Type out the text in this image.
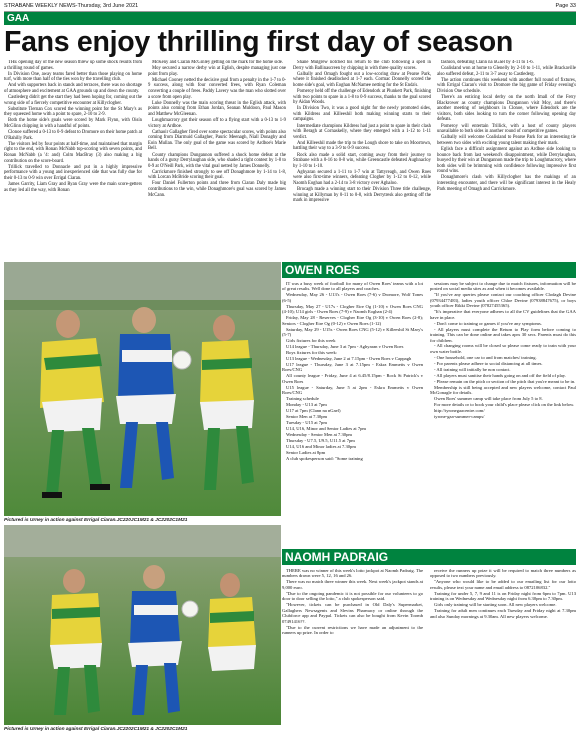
STRABANE WEEKLY NEWS-Thursday, 3rd June 2021	Page 33
GAA
Fans enjoy thrilling first day of season

THE opening day of the new season threw up some shock results from a thrilling round of games.

In Division One, away teams fared better than those playing on home turf, with more than half of the ties won by the travelling club.

And with supporters back in stands and terraces, there was no shortage of atmosphere and excitement at GAA grounds up and down the county.

Castlederg didn't get the start they had been hoping for, coming out the wrong side of a fiercely competitive encounter at Killyclogher.

Substitute Tiernan Cox scored the winning point for the St Mary's as they squeezed home with a point to spare, 2-10 to 2-9.

Both the home side's goals were scored by Mark Flynn, with Oisín McGlinn chipping in with a handful of points.

Clonoe suffered a 0-13 to 0-9 defeat to Dromore on their home patch at O'Rahilly Park.

The visitors led by four points at half-time, and maintained that margin right to the end, with Ronan McNabb top-scoring with seven points, and Ronan McNabb (a '4: and) Colm MacBray (3) also making a big contribution on the score-board.

Trillick travelled to Donnacle and put in a highly impressive performance with a young and inexperienced side that was fully due for their 0-13 to 0-9 win over Errigal Ciaran.

James Garrity, Liam Gray and Ryan Gray were the main score-getters as they led all the way, with Ronan

McKeny and Ciaran McGinley getting on the mark for the home side.

Moy secured a narrow derby win at Eglish, despite managing just one point from play.

Michael Cooney netted the decisive goal from a penalty in the 1-7 to 0-9 success, along with four converted frees, with Ryan Coleman converting a couple of frees. Paddy Lavery was the man who slotted over a score from open play.

Luke Donnelly was the main scoring threat in the Eglish attack, with points also coming from Ethan Jordan, Seanan Muldoon, Paul Mason and Matthew McGleenan.

Loughmacrory got their season off to a flying start with a 0-13 to 1-9 victory at Ardboe.

Cathaoir Gallagher fired over some spectacular scores, with points also coming from Diarmuid Gallagher, Pauric Meenagh, Niall Donaghy and Eoin Mullan. The only goal of the game was scored by Ardboe's Marie Bell.

County champions Dungannon suffered a shock home defeat at the hands of a gutsy Derrylaughan side, who shaded a tight contest by 1-8 to 0-9 at O'Neill Park, with the vital goal netted by James Donnelly.

Carrickmore finished strongly to see off Donaghmore by 1-14 to 1-8, with Lorcan McBride scoring their goal.

Four Daniel Fullerton points and three from Ciaran Daly made big contributions to the win, while Donaghmore's goal was scored by James McCann.

Shane Mulgrew notched his return to the club following a spell in Derry with Ballinascreen by chipping in with three quality scores.

Galbally and Omagh fought out a low-scoring draw at Pearse Park, where it finished deadlocked at 1-7 each. Cormac Donnelly scored the home side's goal, with Eoghan McNamee netting for the St Enda's.

Pomeroy held off the challenge of Edendork at Plunkett Park, finishing with two points to spare in a 1-8 to 0-9 success, thanks to the goal scored by Aidan Woods.

In Division Two, it was a good night for the newly promoted sides, with Kildress and Killeeshil both making winning starts to their campaigns.

Intermediate champions Kildress had just a point to spare in their clash with Beragh at Cornaskelly, where they emerged with a 1-12 to 1-11 verdict.

And Killeeshil made the trip to the Lough shore to take on Moortown, battling their way to a 3-9 to 0-9 success.

Rock also made a solid start, coming away from their journey to Strabane with a 0-16 to 0-8 win, while Greencastle defeated Aughnacloy by 1-10 to 1-10.

Aghyaran secured a 1-11 to 1-7 win at Tattyreagh, and Owen Roes were also first-time winners, defeating Clogher by 1-12 to 0-12, while Naomh Eoghan had a 2-14 to 3-8 victory over Aghaloo.

Brocagh made a winning start to their Division Three title challenge, winning at Killyman by 0-11 to 0-8, with Derrytresk also getting off the mark in impressive

fashion, defeating Clann na nGael by 4-11 to 1-6.

Coalisland won at home to Glenelly by 2-10 to 1-11, while Brackaville also suffered defeat, 2-11 to 3-7 away to Castlederg.

The action continues this weekend with another full round of fixtures, with Errigal Ciaran's visit to Dromore the big game of Friday evening's Division One schedule.

There's an enticing local derby on the north Imall of the Ferry Blackrower as county champions Dungannon visit Moy, and there's another meeting of neighbours in Clonoe, where Edendork are the visitors, both sides looking to turn the corner following opening day defeats.

Pomeroy will entertain Trillick, with a host of county players unavailable to both sides in another round of competitive games.

Galbally will welcome Coalisland to Pearse Park for an interesting tie between two sides with exciting young talent making their mark.

Eglish face a difficult assignment against an Ardboe side looking to bounce back from last weekend's disappointment, while Derrylaughan, buoyed by their win at Dungannon made the trip to Loughmacrory, where both sides will be brimming with confidence following impressive first round wins.

Donaghmore's clash with Killyclogher has the makings of an interesting encounter, and there will be significant interest in the Healy Park meeting of Omagh and Carrickmore.

Pictured is Urney in action against Errigal Ciaran.JC220JC1M21 & JC2202C1M21
OWEN ROES

IT was a busy week of football for many of Owen Roes' teams with a lot of great results. Well done to all players and coaches.

Wednesday, May 26 - U13's - Owen Roes (7-6) v Dromore, Wolf Tones (6-5)

Thursday, May 27 - U17s - Clogher Eire Og (1-10) v Owen Roes CNG (4-10); U14 girls - Owen Roes (7-9) v Naomh Eoghan (2-4)

Friday, May 28 - Reserves - Clogher Eire Og (3-10) v Owen Roes (2-8); Seniors - Clogher Eire Og (0-12) v Owen Roes (1-12)

Saturday, May 29 - U15s - Owen Roes CNG (5-12) v Killeeshil St Mary's (5-7)

Girls fixtures for this week

U14 league - Thursday, June 3 at 7pm - Aghyaran v Owen Roes

Boys fixtures for this week:

U13 league - Wednesday, June 2 at 7.15pm - Owen Roes v Cappagh

U17 league - Thursday, June 3 at 7.15pm - Eskra Emmetts v Owen Roes/CNG

All county league - Friday, June 4 at 6.45/8.15pm - Rock St Patrick's v Owen Roes

U15 league - Saturday, June 5 at 2pm - Eskra Emmetts v Owen Roes/CNG

Training schedule

Monday - U13 at 7pm

U17 at 7pm (Clann na nGael)

Senior Men at 7.30pm

Tuesday - U15 at 7pm

U14, U16, Minor and Senior Ladies at 7pm

Wednesday - Senior Men at 7.30pm

Thursday - U7.5, U9.5, U11.5 at 7pm

U14, U16 and Minor ladies at 7.30pm

Senior Ladies at 8pm

A club spokesperson said: "Some training

sessions may be subject to change due to match fixtures, information will be posted on social media sites as and when it becomes available.

"If you've any queries please contact our coaching officer Clodagh Devine (07934477483), ladies youth officer Chloe Devine (07938847675), or boys youth officer Rikki Devine (07827455365).

"It's imperative that everyone adheres to all the CV guidelines that the GAA have in place.

- Don't come to training or games if you've any symptoms.

- All players must complete the Return to Play form before coming to training. This can be done online and takes aprx 30 secs. Parents must do this for children.

- All changing rooms will be closed so please come ready to train with your own water bottle.

- One household, one car to and from matches/ training.

- For parents please adhere to social distancing at all times.

- All training will initially be non contact.

- All players must sanitise their hands going on and off the field of play.

- Please remain on the pitch or section of the pitch that you're meant to be in.

Membership is still being accepted and new players welcome, contact Paul McGonagle for details.

Owen Roes' summer camp will take place from July 5 to 8.

For more details or to book your child's place please click on the link below.

http://tyronegaacentre.com/

tyrone-gaa-summer-camps/

Pictured is Urney in action against Errigal Ciaran.JC2202C1M21 & JC2202C1M21
NAOMH PADRAIG

THERE was no winner of this week's lotto jackpot at Naomh Padraig. The numbers drawn were 5, 12, 16 and 26.

There was no match three winner this week. Next week's jackpot stands at 9,000 euro.

"Due to the ongoing pandemic it is not possible for our volunteers to go door to door selling the lotto," a club spokesperson said.

"However, tickets can be purchased in Old Daly's Supermarket, Gallaghers Newsagents and Slevins Pharmacy or online through the Clubforce app and Paypal. Tickets can also be bought from Kevin Toomb 07491416??.

"Due to the current restrictions we have made an adjustment to the runners up prize. In order to

receive the runners up prize it will be required to match three numbers as opposed to two numbers previously.

"Anyone who would like to be added to our emailing list for our lotto results, please text your name and email address to 0872106832."

Training for under 5, 7, 9 and 11 is on Friday night from 6pm to 7pm. U13 training is on Wednesday and Wednesday night from 6.30pm to 7.30pm.

Girls only training will be starting soon. All new players welcome.

Training for adult men continues each Tuesday and Friday night at 7.30pm and also Sunday mornings at 9.30am. All new players welcome.
